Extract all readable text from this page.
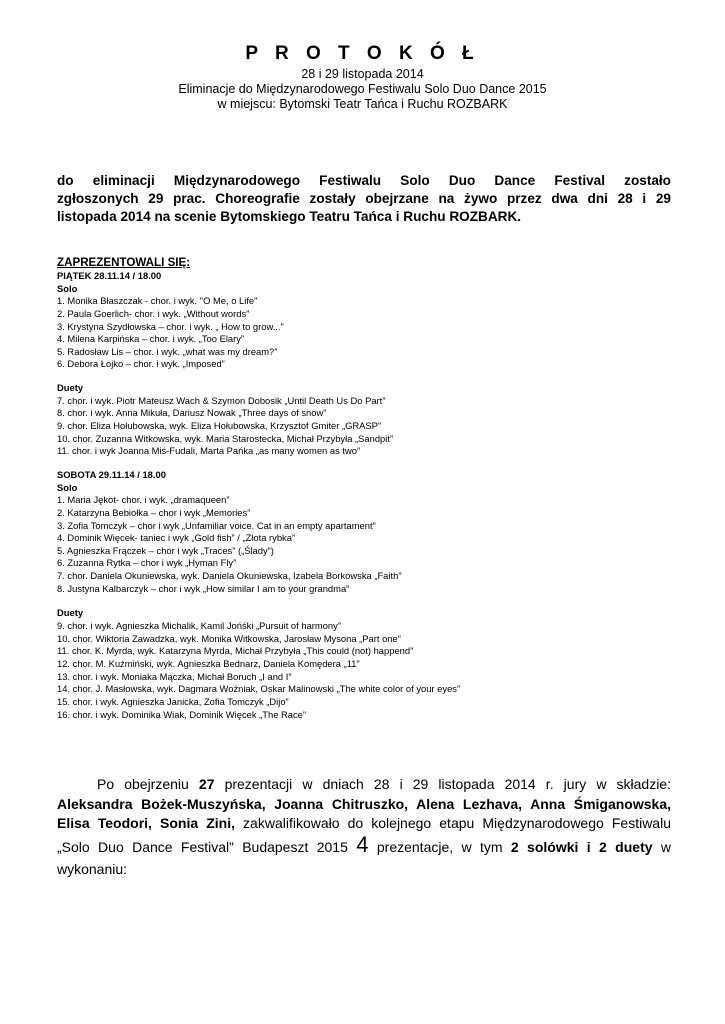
P R O T O K Ó Ł
28 i 29 listopada 2014
Eliminacje do Międzynarodowego Festiwalu Solo Duo Dance 2015
w miejscu: Bytomski Teatr Tańca i Ruchu ROZBARK
do eliminacji Międzynarodowego Festiwalu Solo Duo Dance Festival zostało
zgłoszonych 29 prac. Choreografie zostały obejrzane na żywo przez dwa dni 28 i 29
listopada 2014 na scenie Bytomskiego Teatru Tańca i Ruchu ROZBARK.
ZAPREZENTOWALI SIĘ:
PIĄTEK 28.11.14 / 18.00
Solo
1. Monika Błaszczak - chor. i wyk. "O Me, o Life"
2. Paula Goerlich- chor. i wyk. „Without words”
3. Krystyna Szydłowska – chor. i wyk. „ How to grow..."
4. Milena Karpińska – chor. i wyk. „Too Elary”
5. Radosław Lis – chor. i wyk. „what was my dream?”
6. Debora Łojko – chor. i wyk. „Imposed”
Duety
7. chor. i wyk. Piotr Mateusz Wach & Szymon Dobosik „Until Death Us Do Part”
8. chor. i wyk. Anna Mikuła, Dariusz Nowak „Three days of snow”
9. chor. Eliza Hołubowska, wyk. Eliza Hołubowska, Krzysztof Gmiter „GRASP”
10. chor. Zuzanna Witkowska, wyk. Maria Starostecka, Michał Przybyła „Sandpit”
11. chor. i wyk Joanna Miś-Fudali, Marta Pańka „as many women as two”
SOBOTA 29.11.14 / 18.00
Solo
1. Maria Jękot- chor. i wyk. „dramaqueen”
2. Katarzyna Bebiołka – chor i wyk „Memories”
3. Zofia Tomczyk – chor i wyk „Unfamiliar voice. Cat in an empty apartament”
4. Dominik Więcek- taniec i wyk „Gold fish” / „Złota rybka”
5. Agnieszka Frączek – chor i wyk „Traces” („Ślady”)
6. Zuzanna Rytka – chor i wyk „Hyman Fly”
7. chor. Daniela Okuniewska, wyk. Daniela Okuniewska, Izabela Borkowska „Faith”
8. Justyna Kalbarczyk – chor i wyk „How similar I am to your grandma”
Duety
9. chor. i wyk. Agnieszka Michalik, Kamil Jońśki „Pursuit of harmony”
10. chor. Wiktoria Zawadzka, wyk. Monika Witkowska, Jarosław Mysona „Part one”
11. chor. K. Myrda, wyk. Katarzyna Myrda, Michał Przybyła „This could (not) happend”
12. chor. M. Kuźmiński, wyk. Agnieszka Bednarz, Daniela Komędera „11”
13. chor. i wyk. Moniaka Mączka, Michał Boruch „I and I”
14. chor. J. Masłowska, wyk. Dagmara Woźniak, Oskar Malinowski „The white color of your eyes”
15. chor. i wyk. Agnieszka Janicka, Zofia Tomczyk „Dijo”
16. chor. i wyk. Dominika Wiak, Dominik Więcek „The Race”
Po obejrzeniu 27 prezentacji w dniach 28 i 29 listopada 2014 r. jury w składzie:
Aleksandra Bożek-Muszyńska, Joanna Chitruszko, Alena Lezhava, Anna Śmiganowska,
Elisa Teodori, Sonia Zini, zakwalifikowało do kolejnego etapu Międzynarodowego Festiwalu
„Solo Duo Dance Festival” Budapeszt 2015 4 prezentacje, w tym 2 solówki i 2 duety w
wykonaniu:
